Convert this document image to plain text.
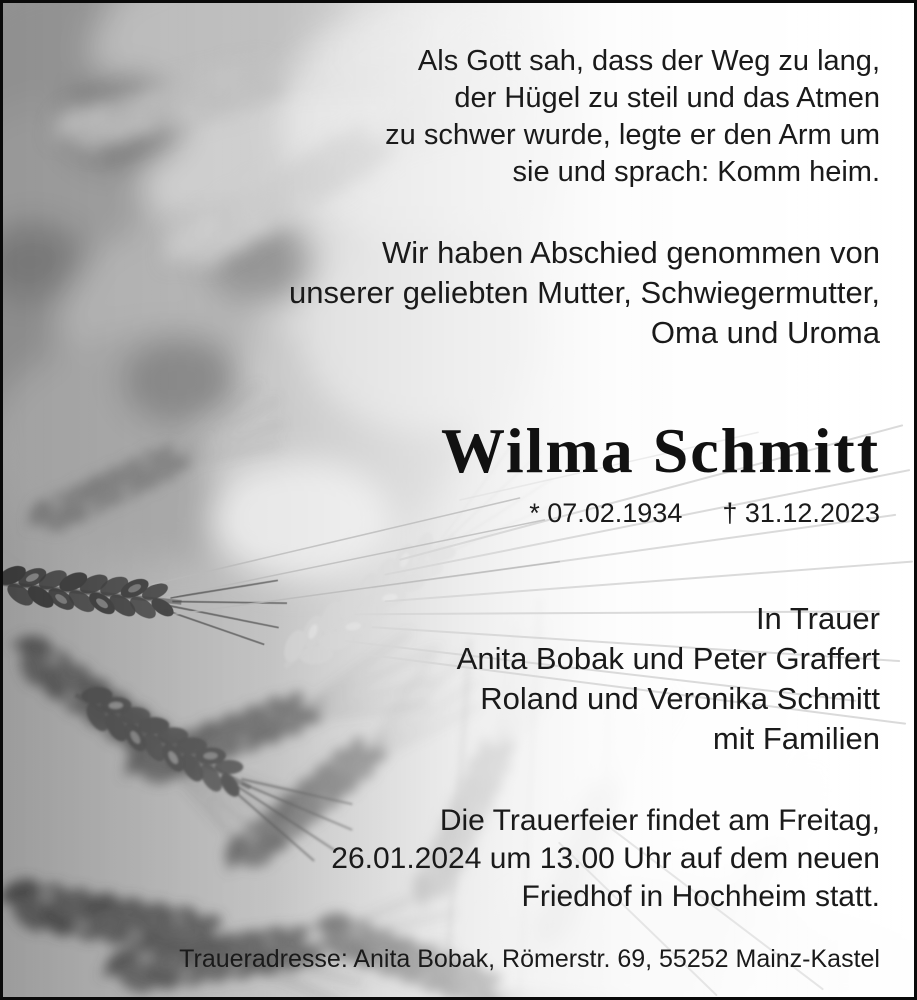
Als Gott sah, dass der Weg zu lang,
der Hügel zu steil und das Atmen
zu schwer wurde, legte er den Arm um
sie und sprach: Komm heim.
Wir haben Abschied genommen von
unserer geliebten Mutter, Schwiegermutter,
Oma und Uroma
Wilma Schmitt
* 07.02.1934 † 31.12.2023
In Trauer
Anita Bobak und Peter Graffert
Roland und Veronika Schmitt
mit Familien
Die Trauerfeier findet am Freitag,
26.01.2024 um 13.00 Uhr auf dem neuen
Friedhof in Hochheim statt.
Traueradresse: Anita Bobak, Römerstr. 69, 55252 Mainz-Kastel
